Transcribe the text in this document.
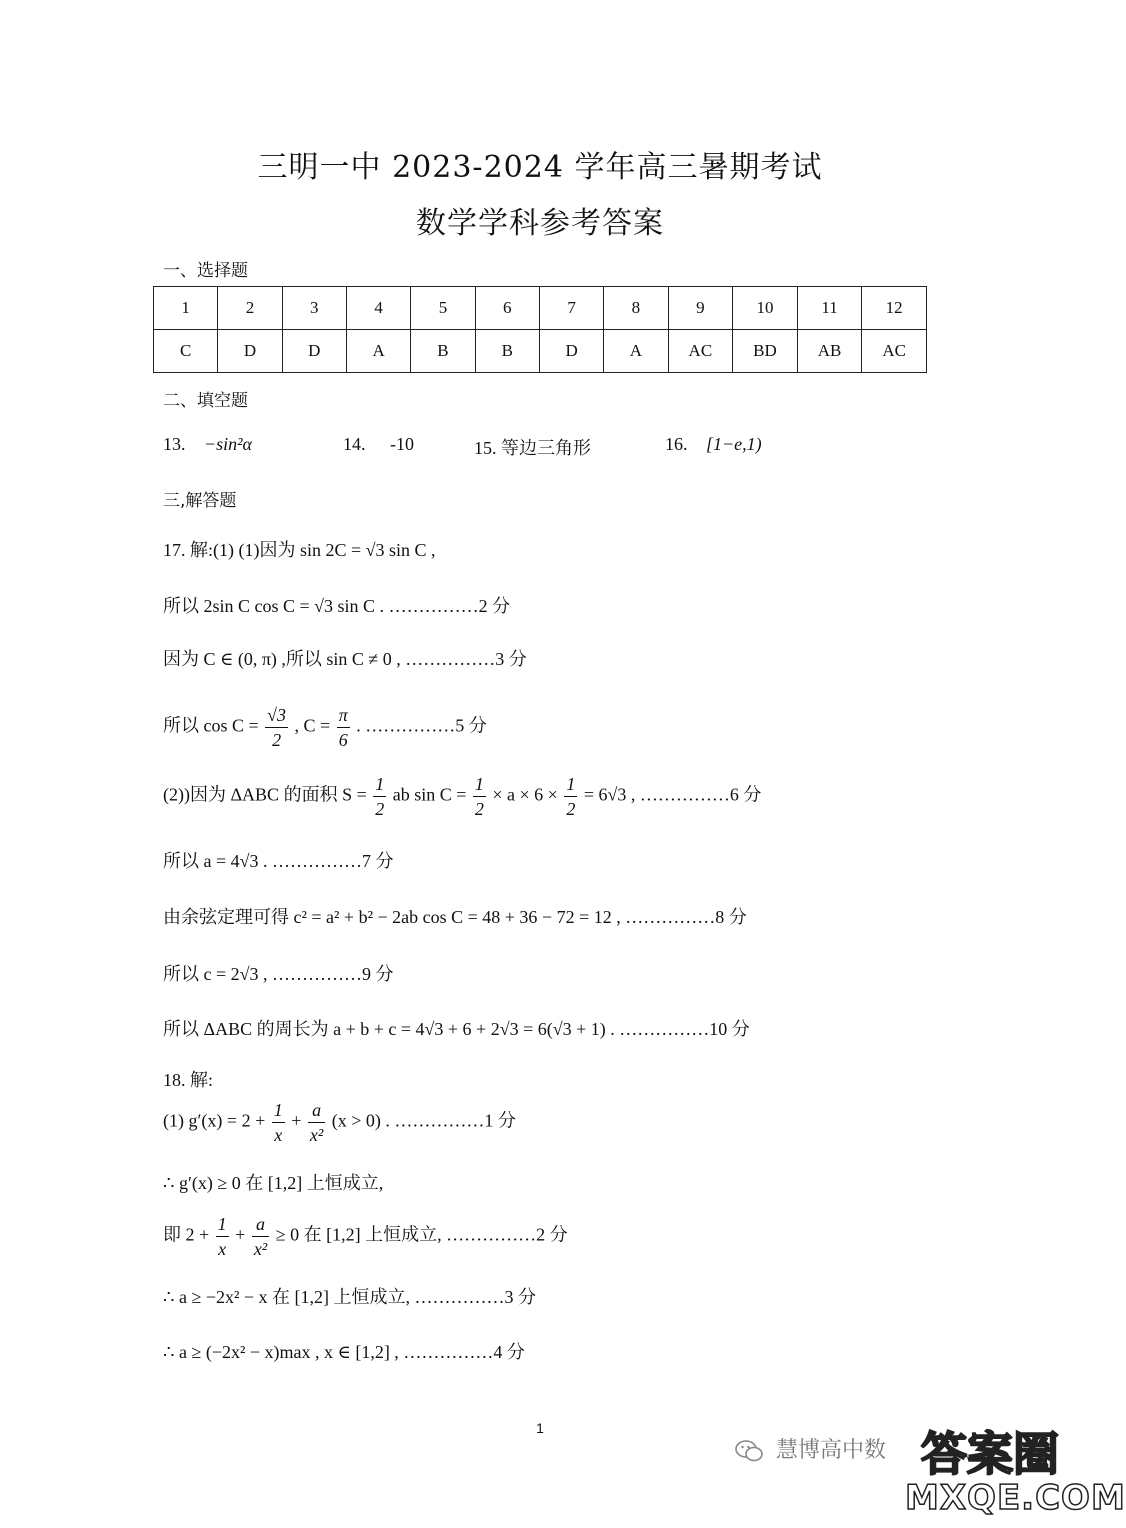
三明一中 2023-2024 学年高三暑期考试
数学学科参考答案
一、选择题
1	2	3	4	5	6	7	8	9	10	11	12
C	D	D	A	B	B	D	A	AC	BD	AB	AC
二、填空题
13. −sin²α	14. -10	15. 等边三角形	16. [1−e,1)
三,解答题
17. 解:(1) (1)因为 sin 2C = √3 sin C ,
所以 2sin C cos C = √3 sin C . ……………2 分
因为 C ∈ (0, π) ,所以 sin C ≠ 0 , ……………3 分
所以 $\cos C = \frac{√3}{2}$ , $C = \frac{\pi}{6}$ . ……………5 分
(2))因为 ΔABC 的面积 $S = \frac{1}{2}$ ab $\sin C = \frac{1}{2} \times a \times 6 \times \frac{1}{2} = 6√3$ , ……………6 分
所以 a = 4√3 . ……………7 分
由余弦定理可得 c² = a² + b² − 2ab cos C = 48 + 36 − 72 = 12 , ……………8 分
所以 c = 2√3 , ……………9 分
所以 ΔABC 的周长为 a + b + c = 4√3 + 6 + 2√3 = 6(√3 + 1) . ……………10 分
18. 解:
(1) $g'(x) = 2 + \frac{1}{x} + \frac{a}{\text{x²}} (x > 0)$ . ……………1 分
∴ g′(x) ≥ 0 在 [1,2] 上恒成立,
即 $2 + \frac{1}{x} + \frac{a}{\text{x²}} \ge 0$ 在 [1,2] 上恒成立, ……………2 分
∴ a ≥ −2x² − x 在 [1,2] 上恒成立, ……………3 分
∴ a ≥ (−2x² − x)max , x ∈ [1,2] , ……………4 分
1
慧博高中数 答案圈
MXQE.COM
